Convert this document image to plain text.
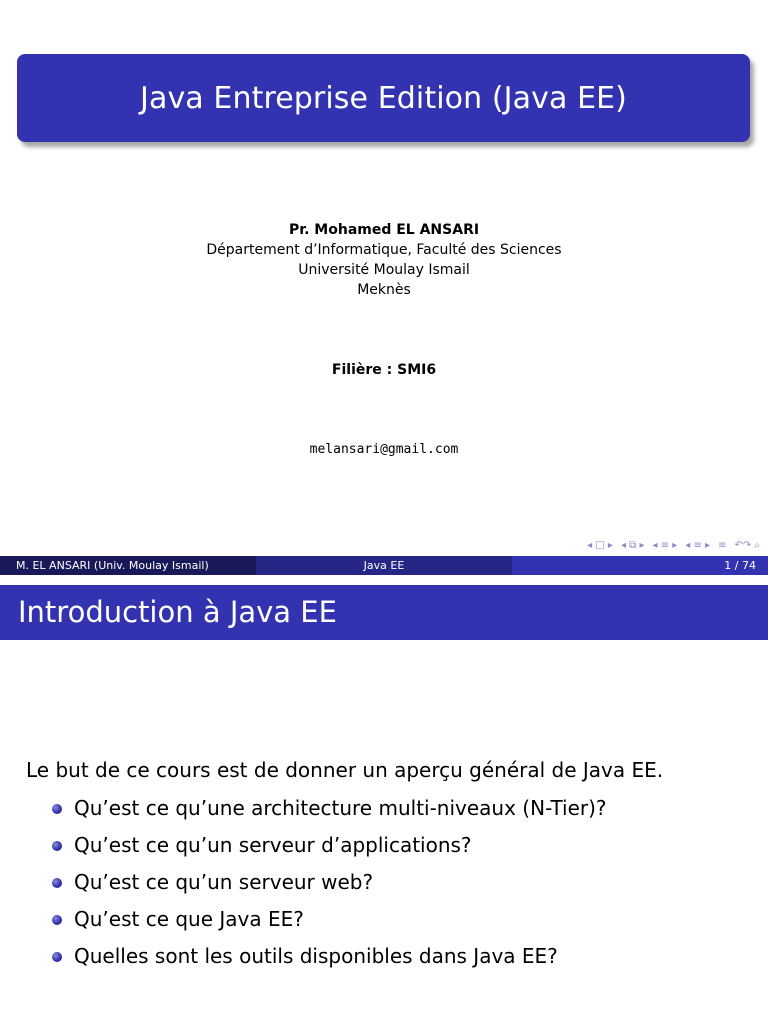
Java Entreprise Edition (Java EE)
Pr. Mohamed EL ANSARI
Département d’Informatique, Faculté des Sciences
Université Moulay Ismail
Meknès
Filière : SMI6
melansari@gmail.com
◂ □ ▸ ◂ ⧉ ▸ ◂ ≡ ▸ ◂ ≡ ▸ ≡ ↶↷ ⌕
M. EL ANSARI (Univ. Moulay Ismail)	Java EE	1 / 74
Introduction à Java EE
Le but de ce cours est de donner un aperçu général de Java EE.
Qu’est ce qu’une architecture multi-niveaux (N-Tier)?
Qu’est ce qu’un serveur d’applications?
Qu’est ce qu’un serveur web?
Qu’est ce que Java EE?
Quelles sont les outils disponibles dans Java EE?
